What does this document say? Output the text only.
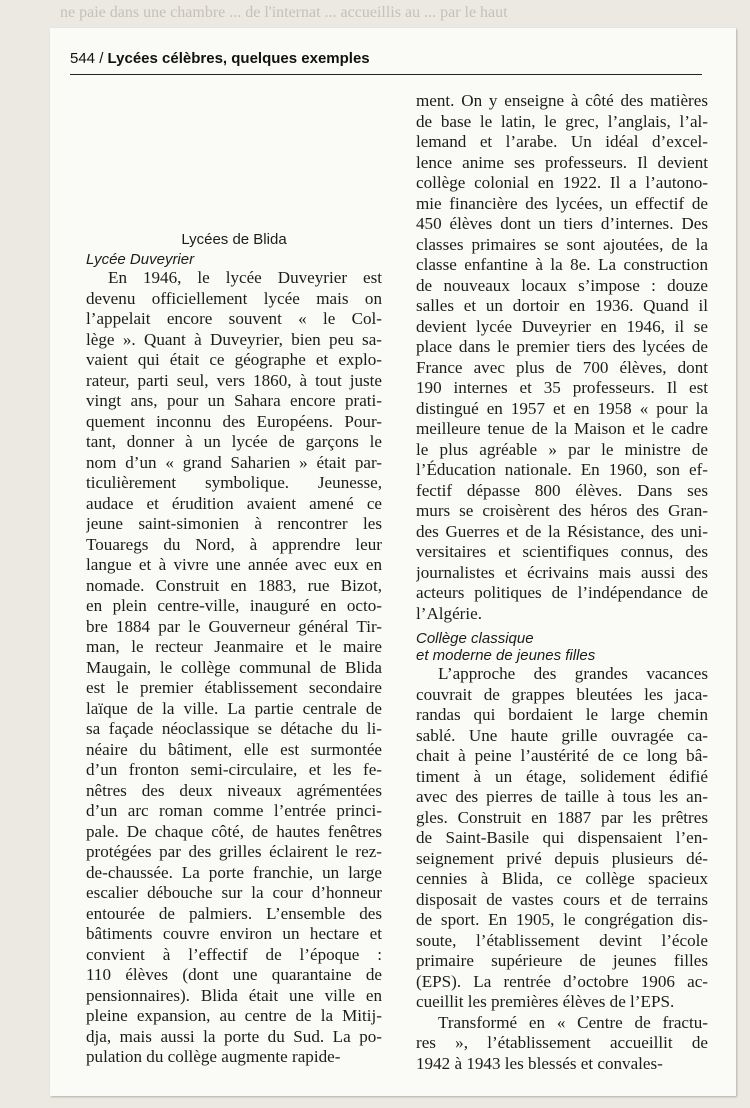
ne paie dans une chambre ... de l'internat ... accueillis au ... par le haut
544 / Lycées célèbres, quelques exemples
Lycées de Blida
Lycée Duveyrier
En 1946, le lycée Duveyrier est
devenu officiellement lycée mais on
l’appelait encore souvent « le Col-
lège ». Quant à Duveyrier, bien peu sa-
vaient qui était ce géographe et explo-
rateur, parti seul, vers 1860, à tout juste
vingt ans, pour un Sahara encore prati-
quement inconnu des Européens. Pour-
tant, donner à un lycée de garçons le
nom d’un « grand Saharien » était par-
ticulièrement symbolique. Jeunesse,
audace et érudition avaient amené ce
jeune saint-simonien à rencontrer les
Touaregs du Nord, à apprendre leur
langue et à vivre une année avec eux en
nomade. Construit en 1883, rue Bizot,
en plein centre-ville, inauguré en octo-
bre 1884 par le Gouverneur général Tir-
man, le recteur Jeanmaire et le maire
Maugain, le collège communal de Blida
est le premier établissement secondaire
laïque de la ville. La partie centrale de
sa façade néoclassique se détache du li-
néaire du bâtiment, elle est surmontée
d’un fronton semi-circulaire, et les fe-
nêtres des deux niveaux agrémentées
d’un arc roman comme l’entrée princi-
pale. De chaque côté, de hautes fenêtres
protégées par des grilles éclairent le rez-
de-chaussée. La porte franchie, un large
escalier débouche sur la cour d’honneur
entourée de palmiers. L’ensemble des
bâtiments couvre environ un hectare et
convient à l’effectif de l’époque :
110 élèves (dont une quarantaine de
pensionnaires). Blida était une ville en
pleine expansion, au centre de la Mitij-
dja, mais aussi la porte du Sud. La po-
pulation du collège augmente rapide-
ment. On y enseigne à côté des matières
de base le latin, le grec, l’anglais, l’al-
lemand et l’arabe. Un idéal d’excel-
lence anime ses professeurs. Il devient
collège colonial en 1922. Il a l’autono-
mie financière des lycées, un effectif de
450 élèves dont un tiers d’internes. Des
classes primaires se sont ajoutées, de la
classe enfantine à la 8e. La construction
de nouveaux locaux s’impose : douze
salles et un dortoir en 1936. Quand il
devient lycée Duveyrier en 1946, il se
place dans le premier tiers des lycées de
France avec plus de 700 élèves, dont
190 internes et 35 professeurs. Il est
distingué en 1957 et en 1958 « pour la
meilleure tenue de la Maison et le cadre
le plus agréable » par le ministre de
l’Éducation nationale. En 1960, son ef-
fectif dépasse 800 élèves. Dans ses
murs se croisèrent des héros des Gran-
des Guerres et de la Résistance, des uni-
versitaires et scientifiques connus, des
journalistes et écrivains mais aussi des
acteurs politiques de l’indépendance de
l’Algérie.
Collège classique
et moderne de jeunes filles
L’approche des grandes vacances
couvrait de grappes bleutées les jaca-
randas qui bordaient le large chemin
sablé. Une haute grille ouvragée ca-
chait à peine l’austérité de ce long bâ-
timent à un étage, solidement édifié
avec des pierres de taille à tous les an-
gles. Construit en 1887 par les prêtres
de Saint-Basile qui dispensaient l’en-
seignement privé depuis plusieurs dé-
cennies à Blida, ce collège spacieux
disposait de vastes cours et de terrains
de sport. En 1905, le congrégation dis-
soute, l’établissement devint l’école
primaire supérieure de jeunes filles
(EPS). La rentrée d’octobre 1906 ac-
cueillit les premières élèves de l’EPS.
Transformé en « Centre de fractu-
res », l’établissement accueillit de
1942 à 1943 les blessés et convales-
